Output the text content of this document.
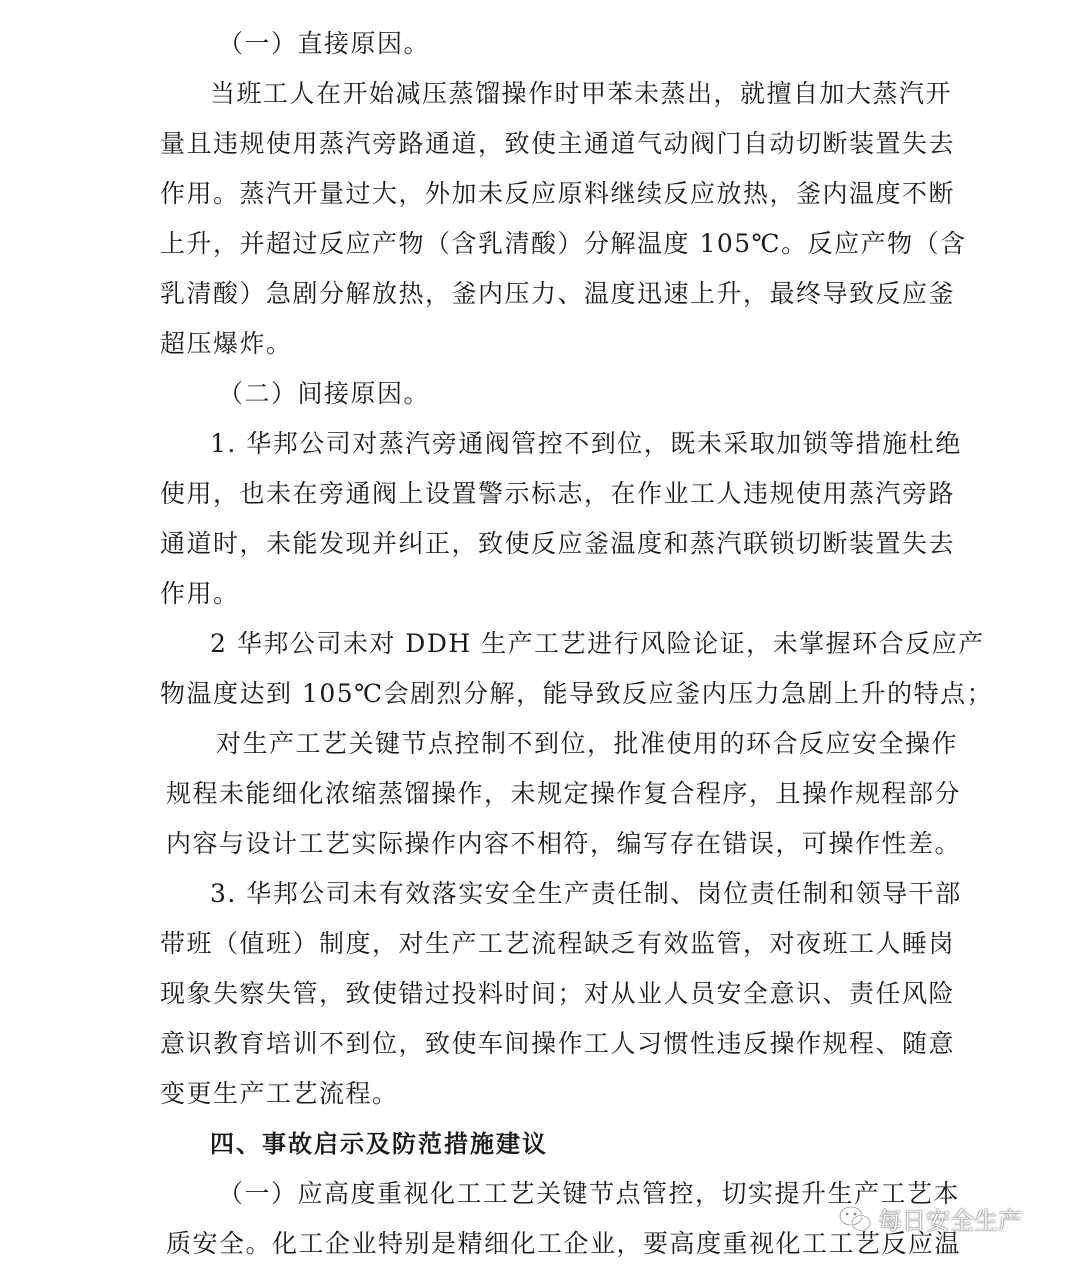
（一）直接原因。
当班工人在开始减压蒸馏操作时甲苯未蒸出，就擅自加大蒸汽开
量且违规使用蒸汽旁路通道，致使主通道气动阀门自动切断装置失去
作用。蒸汽开量过大，外加未反应原料继续反应放热，釜内温度不断
上升，并超过反应产物（含乳清酸）分解温度 105℃。反应产物（含
乳清酸）急剧分解放热，釜内压力、温度迅速上升，最终导致反应釜
超压爆炸。
（二）间接原因。
1. 华邦公司对蒸汽旁通阀管控不到位，既未采取加锁等措施杜绝
使用，也未在旁通阀上设置警示标志，在作业工人违规使用蒸汽旁路
通道时，未能发现并纠正，致使反应釜温度和蒸汽联锁切断装置失去
作用。
2 华邦公司未对 DDH 生产工艺进行风险论证，未掌握环合反应产
物温度达到 105℃会剧烈分解，能导致反应釜内压力急剧上升的特点；
对生产工艺关键节点控制不到位，批准使用的环合反应安全操作
规程未能细化浓缩蒸馏操作，未规定操作复合程序，且操作规程部分
内容与设计工艺实际操作内容不相符，编写存在错误，可操作性差。
3. 华邦公司未有效落实安全生产责任制、岗位责任制和领导干部
带班（值班）制度，对生产工艺流程缺乏有效监管，对夜班工人睡岗
现象失察失管，致使错过投料时间；对从业人员安全意识、责任风险
意识教育培训不到位，致使车间操作工人习惯性违反操作规程、随意
变更生产工艺流程。
四、事故启示及防范措施建议
（一）应高度重视化工工艺关键节点管控，切实提升生产工艺本
质安全。化工企业特别是精细化工企业，要高度重视化工工艺反应温
每日安全生产
